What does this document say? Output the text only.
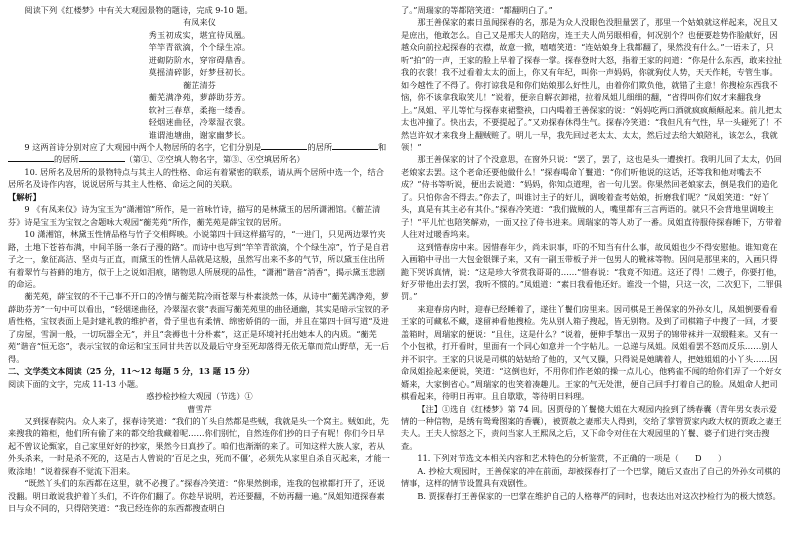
阅读下列《红楼梦》中有关大观园景物的题诗，完成 9-10 题。

有凤来仪

秀玉初成实，堪宜待凤凰。

竿竿青欲滴，个个绿生凉。

迸砌防阶水，穿帘碍鼎香。

莫摇清碎影，好梦昼初长。

蘅芷清芬

蘅芜满净苑，萝薜助芬芳。

软衬三春草，柔拖一缕香。

轻烟迷曲径，冷翠湿衣裳。

谁谓池塘曲，谢家幽梦长。

9 这两首诗分别对应了大观园中两个人物居所的名字，它们分别是	的居所	和的居所	（第①、②空填人物名字，第③、④空填居所名）

10. 居所名及居所的景物特点与其主人的性格、命运有着紧密的联系，请从两个居所中选一个，结合居所名及诗作内容，说说居所与其主人性格、命运之间的关联。

【解析】

9 《有凤来仪》诗为宝玉为“潇湘馆”所作，是一首咏竹诗，描写的是林黛玉的居所潇湘馆。《蘅芷清芬》诗是宝玉为宝钗之舍题咏大观园“蘅芜苑”所作，蘅芜苑是薛宝钗的居所。

10 潇湘馆，林黛玉性情品格与竹子交相辉映。小说第四十回这样描写的，“一进门，只见两边翠竹夹路，土地下苍苔布满，中间羊肠一条石子漫的路”。而诗中也写到“竿竿青欲滴，个个绿生凉”，竹子是自君子之一，象征高洁、坚贞与正直，而黛玉的性情人品就是这般，虽然写出来不多的气节，所以黛玉住出所有着翠竹与苔藓的地方，似于上之说如泪痕，睹物思人所展现的品性，“潇湘”谐音“消香”，揭示黛玉悲剧的命运。

蘅芜苑，薛宝钗的不干己事不开口的冷情与蘅芜院冷雨苍翠与朴素淡然一体，从诗中“蘅芜满净苑，萝薜助芬芳”一句中可以看出，“轻烟迷曲径，冷翠湿衣裳”表面写蘅芜苑里的曲径通幽，其实是暗示宝钗的矛盾性格，宝钗表面上是封建礼教的维护者，骨子里也有柔情、绵密娇俏的一面，并且在第四十回写道“及进了房屋，雪洞一般，一切玩器全无”，并且“衾褥也十分朴素”，这正是环境衬托出她本人的内质。“蘅芜苑”谐音“恒无恣”，表示宝钗的命运和宝玉同甘共苦以及最后守身至死却落得无依无靠而荒山野草，无一后得。

二、文学类文本阅读（25 分，11～12 每题 5 分，13 题 15 分）

阅读下面的文字，完成 11-13 小题。

惑抄检抄检大观园（节选）①

曹雪芹

又到探春院内。众人来了，探春诗笑道：“我们的丫头自然都是些贼，我就是头一个窝主。贼如此，先来搜我的箱柜，他们所有偷了来的都交给我藏着呢……你们别忙，自然连你们抄的日子有呢！你们今日早起不曾议论甄家，自己家里好好的抄家，果然今日真抄了。咱们也渐渐的来了。可知这样大族人家，若从外头杀来，一时是杀不死的，这是古人曾说的‘百足之虫，死而不僵’，必须先从家里自杀自灭起来，才能一败涂地！”说着探春不觉流下泪来。

“既然丫头们的东西都在这里，就不必搜了。”探春冷笑道：“你果然倒乖，连我的包袱都打开了，还说没翻。明日敢说我护着丫头们，不许你们翻了。你趁早说明，若还要翻，不妨再翻一遍。”凤姐知道探春素日与众不同的，只得陪笑道：“我已经连你的东西都搜查明白

了。”周瑞家的等都陪笑道：“都翻明白了。”

那王善保家的素日虽闻探春的名，那是为众人没眼色没胆量罢了，那里一个姑娘就这样起来，况且又是庶出，他敢怎么。自己又是邢夫人的陪房，连王夫人尚另眼相看，何况别个？也便要趁势作脸献好，因越众向前拉起探春的衣襟，故意一掀，嘻嘻笑道：“连姑娘身上我都翻了，果然没有什么。”一语未了，只听“拍”的一声，王家的脸上早着了探春一掌。探春登时大怒，指着王家的问道：“你是什么东西，敢来拉扯我的衣裳！我不过看着太太的面上，你又有年纪，叫你一声妈妈，你就狗仗人势，天天作耗，专管生事。如今越性了不得了。你打谅我是和你们姑娘那么好性儿，由着你们欺负他，就错了主意！你搜检东西我不恼，你不该拿我取笑儿！”说着，便亲自解衣卸裙，拉着凤姐儿细细的翻，“省得叫你们奴才来翻我身上。”凤姐、平儿等忙与探春束裙整袂，口内喝着王善保家的说：“妈妈吃两口酒就疯疯颠颠起来。前儿把太太也冲撞了。快出去，不要提起了。”又劝探春休得生气。探春冷笑道：“我但凡有气性，早一头碰死了！不然岂许奴才来我身上翻贼赃了。明儿一早，我先回过老太太、太太，然后过去给大娘陪礼，该怎么，我就领！”

那王善保家的讨了个没意思，在窗外只说：“罢了，罢了，这也是头一遭挨打。我明儿回了太太，仍回老娘家去罢。这个老命还要他做什么！”探春喝命丫鬟道：“你们听他说的这话，还等我和他对嘴去不成？”侍书等听说，便出去说道：“妈妈，你知点道理，省一句儿罢。你果然回老娘家去，倒是我们的造化了。只怕你舍不得去。”你去了，叫谁讨主子的好儿，调唆着查考姑娘，折磨我们呢？”凤姐笑道：“好丫头，真是有其主必有其仆。”探春冷笑道：“我们做贼的人，嘴里都有三言两语的。就只不会背地里调唆主子！”平儿忙也陪笑解劝，一面又拉了侍书进来。周瑞家的等人劝了一番。凤姐直待服侍探春睡下，方带着人往对过暖香坞来。

这到惜春房中来。因惜春年少，尚未识事，吓的不知当有什么事，故凤姐也少不得安慰他。谁知竟在入画箱中寻出一大包金银锞子来，又有一副玉带板子并一包男人的靴袜等物。因问是那里来的，入画只得跪下哭诉真情，说：“这是珍大爷赏我哥哥的……”惜春说：“我竟不知道。这还了得！二嫂子，你要打他，好歹带他出去打罢，我听不惯的。”凤姐道：“素日我看他还好。谁没一个错，只这一次，二次犯下，二罪俱罚。”

来迎春房内时，迎春已经睡着了，遂往丫鬟们房里来。因司棋是王善保家的外孙女儿，凤姐倒要看看王家的可藏私不藏，遂留神看他搜检。先从别人箱子搜起，皆无别物。及到了司棋箱子中搜了一回，才要盖箱时，周瑞家的便说：“且住，这是什么？”说着，便伸手掣出一双男子的锦带袜并一双缎鞋来。又有一个小包袱，打开看时，里面有一个同心如意并一个字帖儿。一总递与凤姐。凤姐看罢不怒而反乐……别人并不识字。王家的只说是司棋的姑姑给了他的，又气又臊，只得说是她瞒着人，把她姐姐的小丫头……因命凤姐捡起来便说，笑道：“这倒也好，不用你们作老娘的操一点儿心，他鸦雀不闻的给你们弄了一个好女婿来，大家倒省心。”周瑞家的也笑着凑趣儿。王家的气无处泄，便自己回手打着自己的脸。凤姐命人把司棋看起来，待明日再审。且自歇歇，等待明日料理。

【注】①选自《红楼梦》第 74 回。因贾母的丫鬟傻大姐在大观园内捡到了绣春囊（青年男女表示爱情的一种信物，是绣有鸳鸯图案的香囊），被贾赦之妻邢夫人得到，交给了掌管贾家内政大权的贾政之妻王夫人。王夫人惊怒之下，责问当家人王熙凤之后，又下命令对住在大观园里的丫鬟、婆子们进行突击搜查。

11. 下列对节选文本相关内容和艺术特色的分析鉴赏，不正确的一项是（　　D　　）

A. 抄检大观园时，王善保家的冲在前面，却被探春打了一个巴掌，随后又查出了自己的外孙女司棋的情事，这样的情节设置具有戏剧性。

B. 贾探春打王善保家的一巴掌在维护自己的人格尊严的同时，也表达出对这次抄检行为的极大愤怒。
